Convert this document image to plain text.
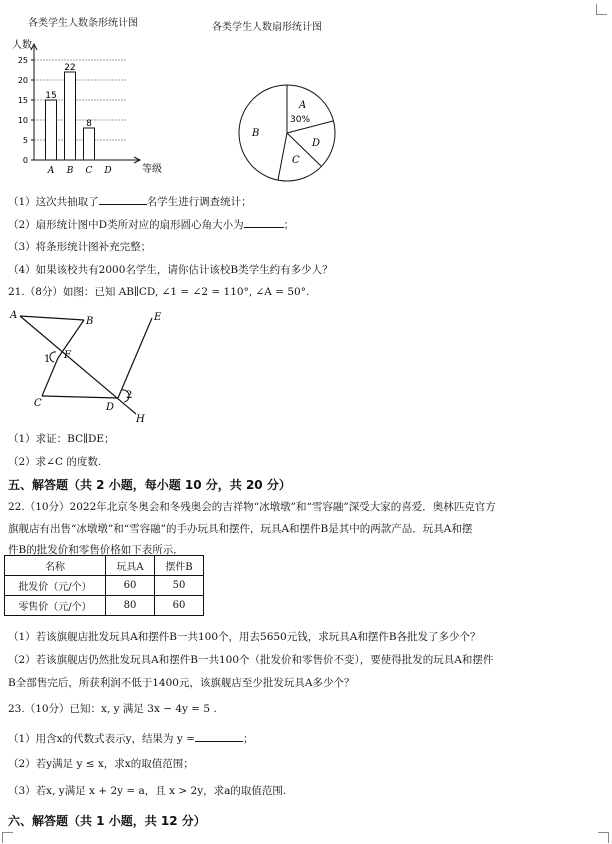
各类学生人数条形统计图
25
20
15
10
5
0
人数
等级
A
15
B
22
C
8
D
各类学生人数扇形统计图
A
30%
B
C
D
（1）这次共抽取了	名学生进行调查统计；
（2）扇形统计图中D类所对应的扇形圆心角大小为	；
（3）将条形统计图补充完整；
（4）如果该校共有2000名学生，请你估计该校B类学生约有多少人？
21.（8分）如图：已知 AB∥CD, ∠1 = ∠2 = 110°, ∠A = 50°.
A
B	E
1 F
C	D
2
H
（1）求证：BC∥DE；
（2）求∠C 的度数.
五、解答题（共 2 小题，每小题 10 分，共 20 分）
22.（10分）2022年北京冬奥会和冬残奥会的吉祥物“冰墩墩”和“雪容融”深受大家的喜爱．奥林匹克官方
旗舰店有出售“冰墩墩”和“雪容融”的手办玩具和摆件，玩具A和摆件B是其中的两款产品．玩具A和摆
件B的批发价和零售价格如下表所示．
名称	玩具A	摆件B
批发价（元/个）	60	50
零售价（元/个）	80	60
（1）若该旗舰店批发玩具A和摆件B一共100个，用去5650元钱，求玩具A和摆件B各批发了多少个？
（2）若该旗舰店仍然批发玩具A和摆件B一共100个（批发价和零售价不变），要使得批发的玩具A和摆件
B全部售完后，所获利润不低于1400元，该旗舰店至少批发玩具A多少个？
23.（10分）已知：x, y 满足 3x − 4y = 5 .
（1）用含x的代数式表示y，结果为 y =	；
（2）若y满足 y ≤ x，求x的取值范围；
（3）若x, y满足 x + 2y = a，且 x > 2y，求a的取值范围.
六、解答题（共 1 小题，共 12 分）
